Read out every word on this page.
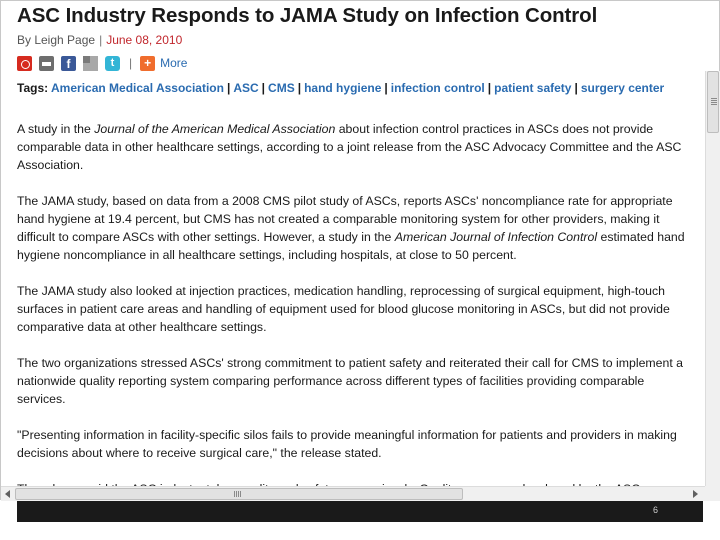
ASC Industry Responds to JAMA Study on Infection Control
By Leigh Page | June 08, 2010
f	t	| + More
Tags: American Medical Association | ASC | CMS | hand hygiene | infection control | patient safety | surgery center

A study in the Journal of the American Medical Association about infection control practices in ASCs does not provide comparable data in other healthcare settings, according to a joint release from the ASC Advocacy Committee and the ASC Association.

The JAMA study, based on data from a 2008 CMS pilot study of ASCs, reports ASCs' noncompliance rate for appropriate hand hygiene at 19.4 percent, but CMS has not created a comparable monitoring system for other providers, making it difficult to compare ASCs with other settings. However, a study in the American Journal of Infection Control estimated hand hygiene noncompliance in all healthcare settings, including hospitals, at close to 50 percent.

The JAMA study also looked at injection practices, medication handling, reprocessing of surgical equipment, high-touch surfaces in patient care areas and handling of equipment used for blood glucose monitoring in ASCs, but did not provide comparative data at other healthcare settings.

The two organizations stressed ASCs' strong commitment to patient safety and reiterated their call for CMS to implement a nationwide quality reporting system comparing performance across different types of facilities providing comparable services.

"Presenting information in facility-specific silos fails to provide meaningful information for patients and providers in making decisions about where to receive surgical care," the release stated.

6
